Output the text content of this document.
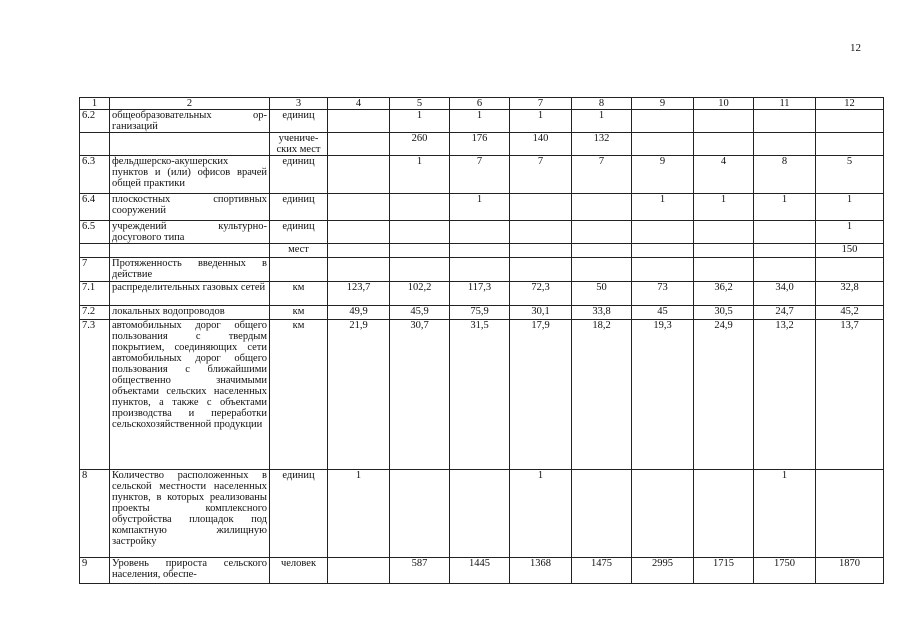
12
1	2	3	4	5	6	7	8	9	10	11	12
6.2	общеобразовательных ор-ганизаций	единиц		1	1	1	1				
		учениче-ских мест		260	176	140	132				
6.3	фельдшерско-акушерских пунктов и (или) офисов врачей общей практики	единиц		1	7	7	7	9	4	8	5
6.4	плоскостных спортивных сооружений	единиц			1			1	1	1	1
6.5	учреждений культурно-досугового типа	единиц									1
		мест									150
7	Протяженность введенных в действие										
7.1	распределительных газовых сетей	км	123,7	102,2	117,3	72,3	50	73	36,2	34,0	32,8
7.2	локальных водопроводов	км	49,9	45,9	75,9	30,1	33,8	45	30,5	24,7	45,2
7.3	автомобильных дорог общего пользования с твердым покрытием, соединяющих сети автомобильных дорог общего пользования с ближайшими общественно значимыми объектами сельских населенных пунктов, а также с объектами производства и переработки сельскохозяйственной продукции	км	21,9	30,7	31,5	17,9	18,2	19,3	24,9	13,2	13,7
8	Количество расположенных в сельской местности населенных пунктов, в которых реализованы проекты комплексного обустройства площадок под компактную жилищную застройку	единиц	1			1				1	
9	Уровень прироста сельского населения, обеспе-	человек		587	1445	1368	1475	2995	1715	1750	1870
